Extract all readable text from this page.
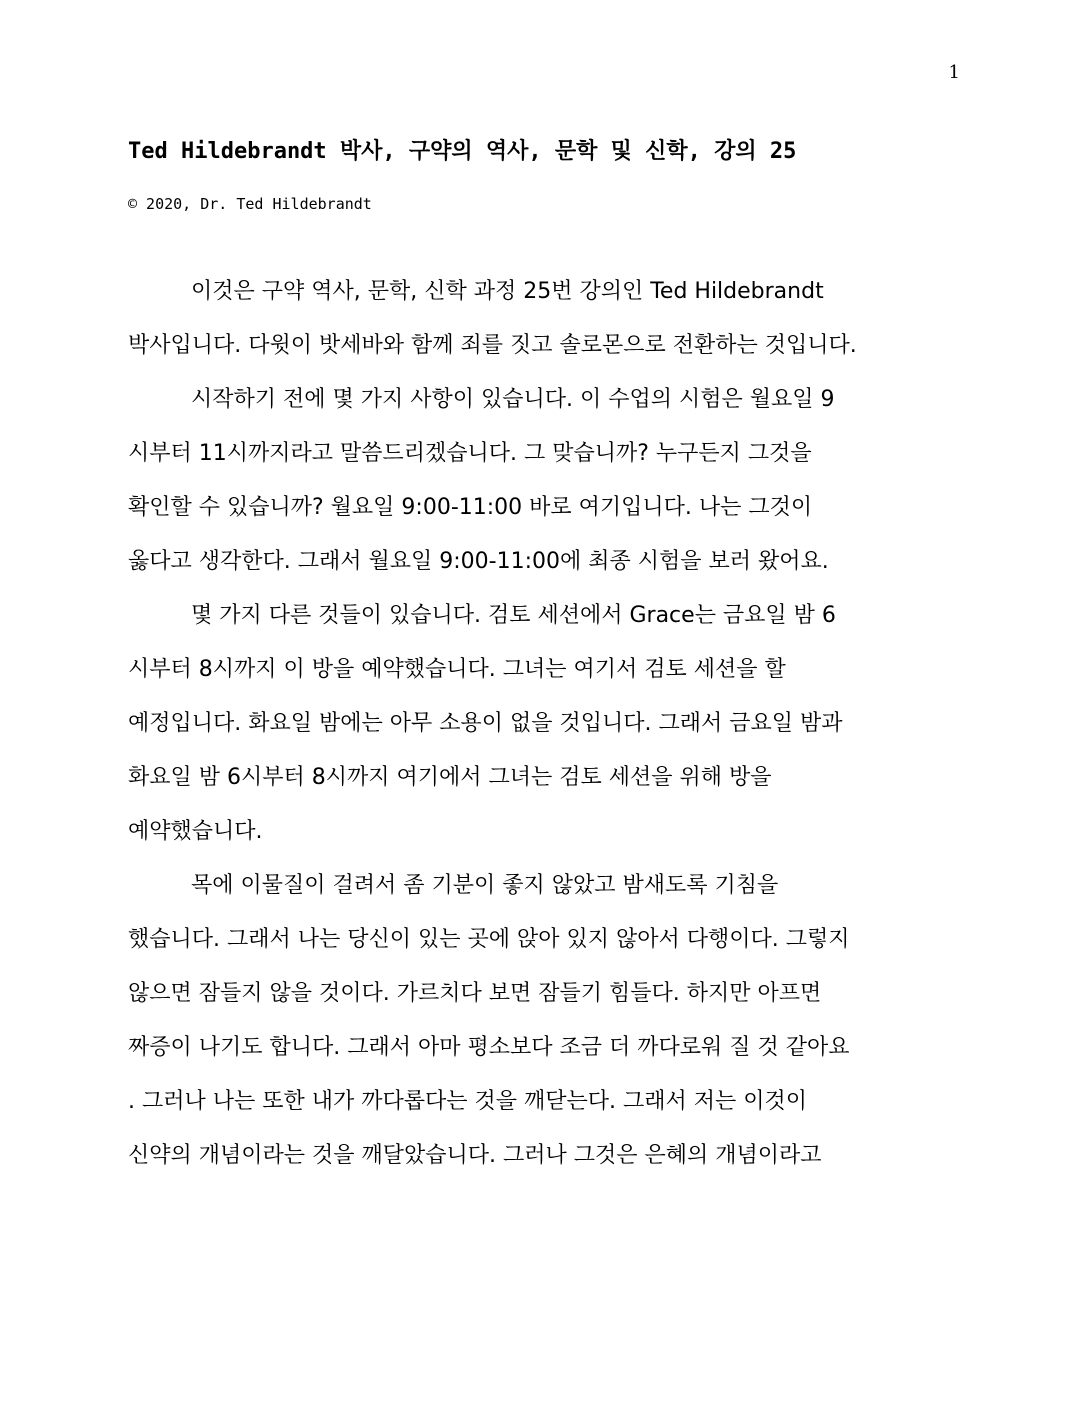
1
Ted Hildebrandt 박사, 구약의 역사, 문학 및 신학, 강의 25
© 2020, Dr. Ted Hildebrandt
이것은 구약 역사, 문학, 신학 과정 25번 강의인 Ted Hildebrandt
박사입니다. 다윗이 밧세바와 함께 죄를 짓고 솔로몬으로 전환하는 것입니다.
시작하기 전에 몇 가지 사항이 있습니다. 이 수업의 시험은 월요일 9
시부터 11시까지라고 말씀드리겠습니다. 그 맞습니까? 누구든지 그것을
확인할 수 있습니까? 월요일 9:00-11:00 바로 여기입니다. 나는 그것이
옳다고 생각한다. 그래서 월요일 9:00-11:00에 최종 시험을 보러 왔어요.
몇 가지 다른 것들이 있습니다. 검토 세션에서 Grace는 금요일 밤 6
시부터 8시까지 이 방을 예약했습니다. 그녀는 여기서 검토 세션을 할
예정입니다. 화요일 밤에는 아무 소용이 없을 것입니다. 그래서 금요일 밤과
화요일 밤 6시부터 8시까지 여기에서 그녀는 검토 세션을 위해 방을
예약했습니다.
목에 이물질이 걸려서 좀 기분이 좋지 않았고 밤새도록 기침을
했습니다. 그래서 나는 당신이 있는 곳에 앉아 있지 않아서 다행이다. 그렇지
않으면 잠들지 않을 것이다. 가르치다 보면 잠들기 힘들다. 하지만 아프면
짜증이 나기도 합니다. 그래서 아마 평소보다 조금 더 까다로워 질 것 같아요
. 그러나 나는 또한 내가 까다롭다는 것을 깨닫는다. 그래서 저는 이것이
신약의 개념이라는 것을 깨달았습니다. 그러나 그것은 은혜의 개념이라고
